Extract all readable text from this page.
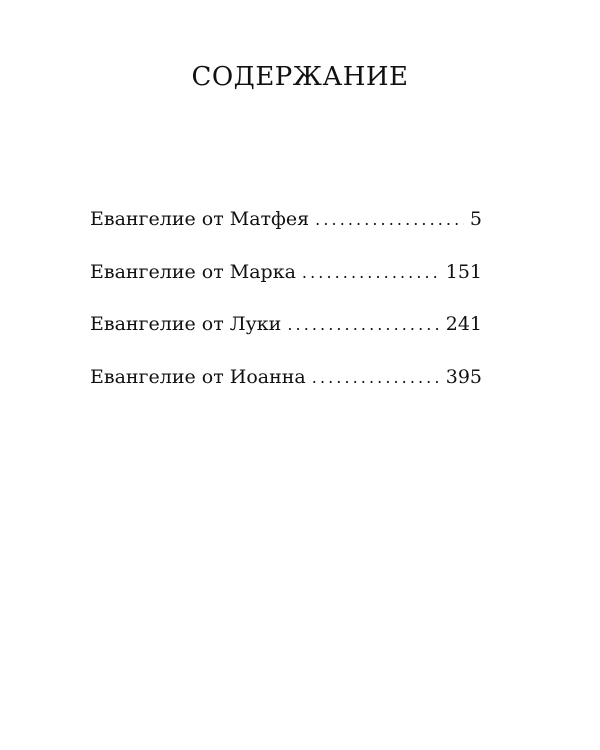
СОДЕРЖАНИЕ
Евангелие от Матфея . . .	5
Евангелие от Марка . . .	151
Евангелие от Луки . . .	241
Евангелие от Иоанна . . .	395
